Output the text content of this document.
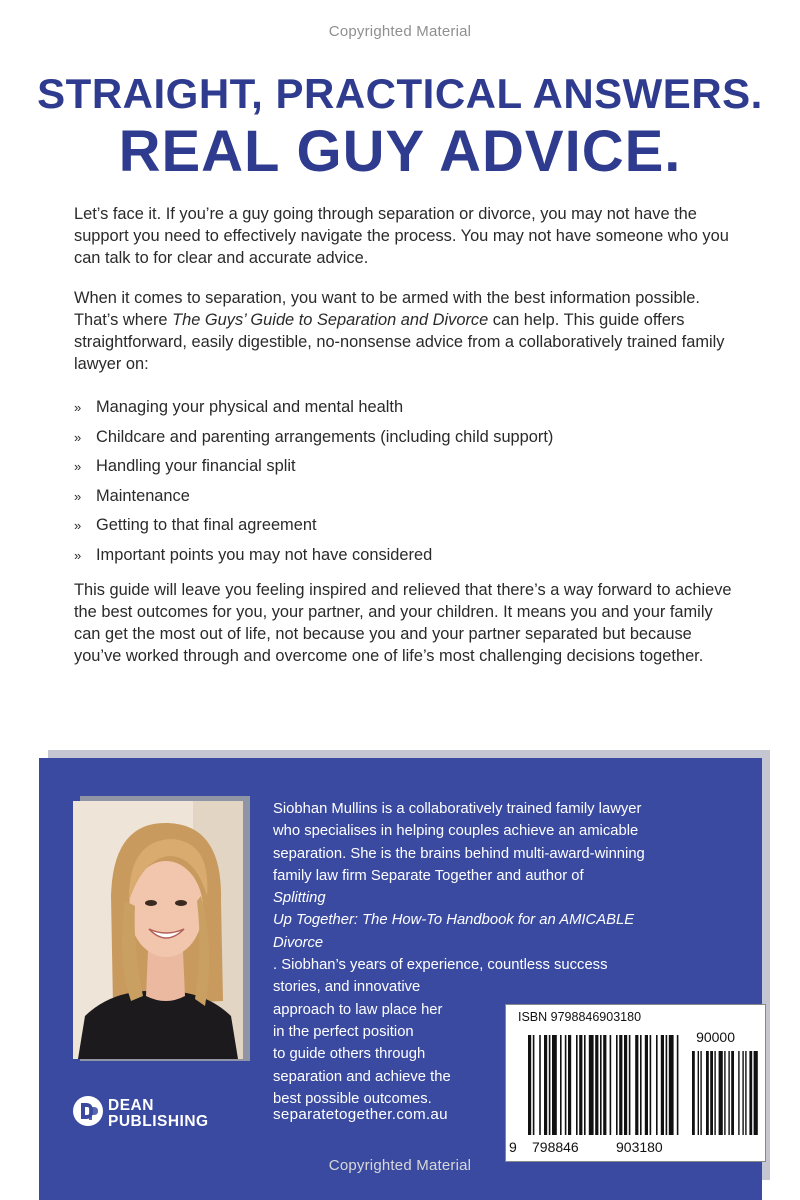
Copyrighted Material
STRAIGHT, PRACTICAL ANSWERS.
REAL GUY ADVICE.

Let’s face it. If you’re a guy going through separation or divorce, you may not have the support you need to effectively navigate the process. You may not have someone who you can talk to for clear and accurate advice.

When it comes to separation, you want to be armed with the best information possible. That’s where The Guys’ Guide to Separation and Divorce can help. This guide offers straightforward, easily digestible, no-nonsense advice from a collaboratively trained family lawyer on:

» Managing your physical and mental health
» Childcare and parenting arrangements (including child support)
» Handling your financial split
» Maintenance
» Getting to that final agreement
» Important points you may not have considered

This guide will leave you feeling inspired and relieved that there’s a way forward to achieve the best outcomes for you, your partner, and your children. It means you and your family can get the most out of life, not because you and your partner separated but because you’ve worked through and overcome one of life’s most challenging decisions together.

Siobhan Mullins is a collaboratively trained family lawyer
who specialises in helping couples achieve an amicable
separation. She is the brains behind multi-award-winning
family law firm Separate Together and author of
Splitting
Up Together: The How-To Handbook for an AMICABLE
Divorce
. Siobhan’s years of experience, countless success
stories, and innovative
approach to law place her
in the perfect position
to guide others through
separation and achieve the
best possible outcomes.
DEAN
PUBLISHING	separatetogether.com.au
ISBN 9798846903180
90000
9 798846	903180
Copyrighted Material
